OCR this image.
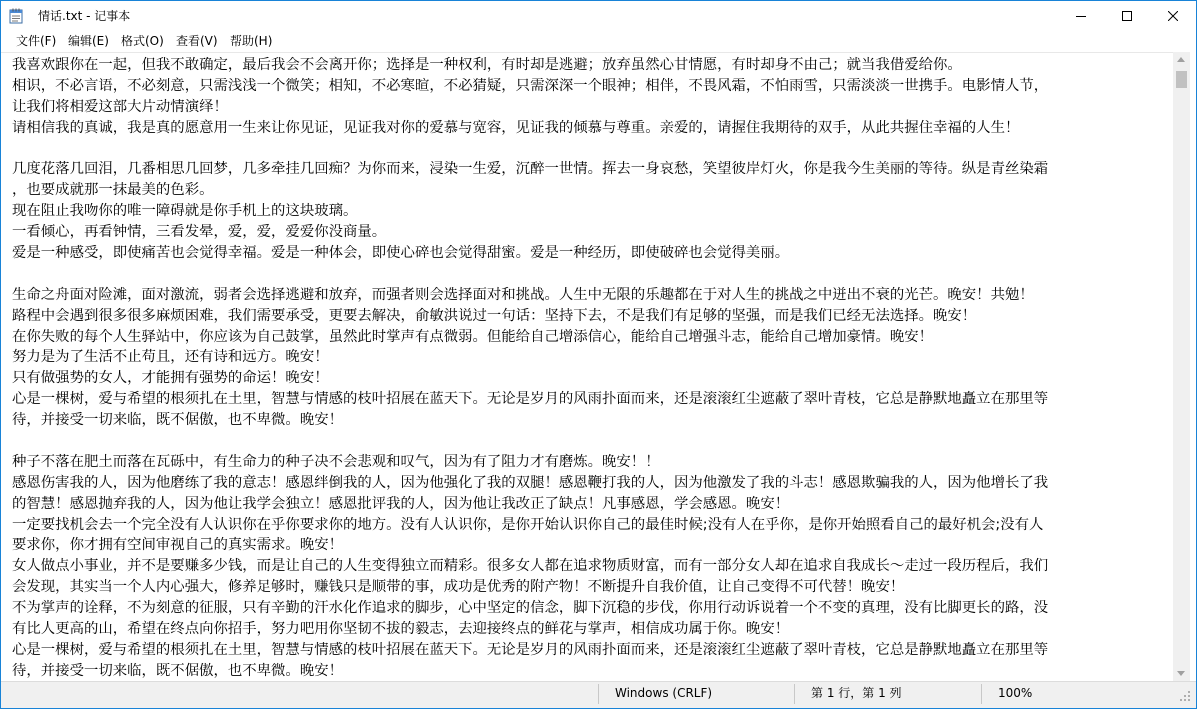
情话.txt - 记事本
文件(F) 编辑(E)	格式(O)	查看(V)	帮助(H)
我喜欢跟你在一起，但我不敢确定，最后我会不会离开你；选择是一种权利，有时却是逃避；放弃虽然心甘情愿，有时却身不由己；就当我借爱给你。
相识，不必言语，不必刻意，只需浅浅一个微笑；相知，不必寒暄，不必猜疑，只需深深一个眼神；相伴，不畏风霜，不怕雨雪，只需淡淡一世携手。电影情人节，
让我们将相爱这部大片动情演绎！
请相信我的真诚，我是真的愿意用一生来让你见证，见证我对你的爱慕与宽容，见证我的倾慕与尊重。亲爱的，请握住我期待的双手，从此共握住幸福的人生！
几度花落几回泪，几番相思几回梦，几多牵挂几回痴？为你而来，浸染一生爱，沉醉一世情。挥去一身哀愁，笑望彼岸灯火，你是我今生美丽的等待。纵是青丝染霜
，也要成就那一抹最美的色彩。
现在阻止我吻你的唯一障碍就是你手机上的这块玻璃。
一看倾心，再看钟情，三看发晕，爱，爱，爱爱你没商量。
爱是一种感受，即使痛苦也会觉得幸福。爱是一种体会，即使心碎也会觉得甜蜜。爱是一种经历，即使破碎也会觉得美丽。
生命之舟面对险滩，面对激流，弱者会选择逃避和放弃，而强者则会选择面对和挑战。人生中无限的乐趣都在于对人生的挑战之中迸出不衰的光芒。晚安！共勉！
路程中会遇到很多很多麻烦困难，我们需要承受，更要去解决，俞敏洪说过一句话：坚持下去，不是我们有足够的坚强，而是我们已经无法选择。晚安！
在你失败的每个人生驿站中，你应该为自己鼓掌，虽然此时掌声有点微弱。但能给自己增添信心，能给自己增强斗志，能给自己增加豪情。晚安！
努力是为了生活不止苟且，还有诗和远方。晚安！
只有做强势的女人，才能拥有强势的命运！晚安！
心是一棵树，爱与希望的根须扎在土里，智慧与情感的枝叶招展在蓝天下。无论是岁月的风雨扑面而来，还是滚滚红尘遮蔽了翠叶青枝，它总是静默地矗立在那里等
待，并接受一切来临，既不倨傲，也不卑微。晚安！
种子不落在肥土而落在瓦砾中，有生命力的种子决不会悲观和叹气，因为有了阻力才有磨炼。晚安！！
感恩伤害我的人，因为他磨练了我的意志！感恩绊倒我的人，因为他强化了我的双腿！感恩鞭打我的人，因为他激发了我的斗志！感恩欺骗我的人，因为他增长了我
的智慧！感恩抛弃我的人，因为他让我学会独立！感恩批评我的人，因为他让我改正了缺点！凡事感恩，学会感恩。晚安！
一定要找机会去一个完全没有人认识你在乎你要求你的地方。没有人认识你，是你开始认识你自己的最佳时候;没有人在乎你，是你开始照看自己的最好机会;没有人
要求你，你才拥有空间审视自己的真实需求。晚安！
女人做点小事业，并不是要赚多少钱，而是让自己的人生变得独立而精彩。很多女人都在追求物质财富，而有一部分女人却在追求自我成长～走过一段历程后，我们
会发现，其实当一个人内心强大，修养足够时，赚钱只是顺带的事，成功是优秀的附产物！不断提升自我价值，让自己变得不可代替！晚安！
不为掌声的诠释，不为刻意的征服，只有辛勤的汗水化作追求的脚步，心中坚定的信念，脚下沉稳的步伐，你用行动诉说着一个不变的真理，没有比脚更长的路，没
有比人更高的山，希望在终点向你招手，努力吧用你坚韧不拔的毅志，去迎接终点的鲜花与掌声，相信成功属于你。晚安！
心是一棵树，爱与希望的根须扎在土里，智慧与情感的枝叶招展在蓝天下。无论是岁月的风雨扑面而来，还是滚滚红尘遮蔽了翠叶青枝，它总是静默地矗立在那里等
待，并接受一切来临，既不倨傲，也不卑微。晚安！
Windows (CRLF)	第 1 行，第 1 列	100%
